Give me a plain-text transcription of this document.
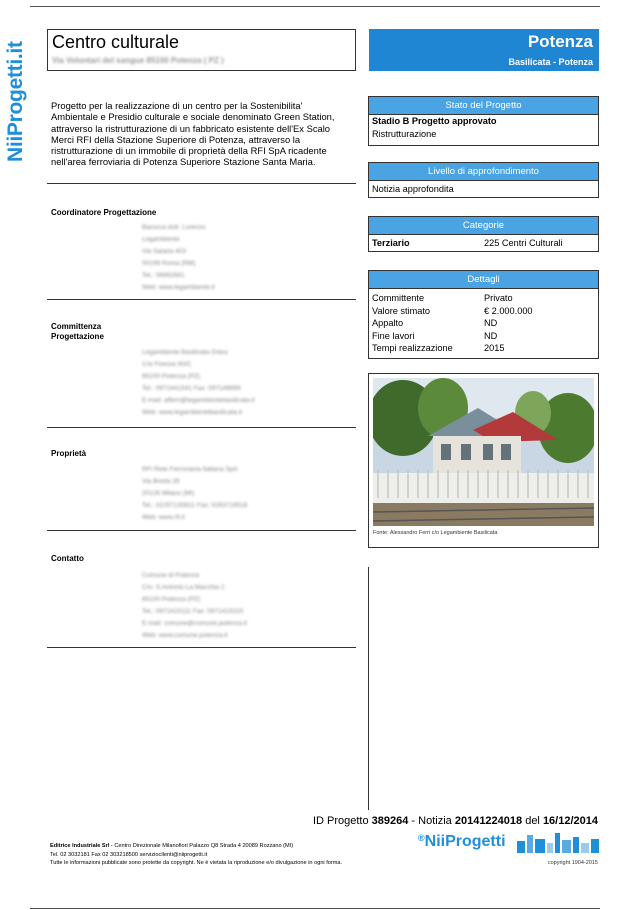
NiiProgetti.it Centro culturale
Via Volontari del sangue 85100 Potenza ( PZ )
Potenza
Basilicata - Potenza
Progetto per la realizzazione di un centro per la Sostenibilita' Ambientale e Presidio culturale e sociale denominato Green Station, attraverso la ristrutturazione di un fabbricato esistente dell'Ex Scalo Merci RFI della Stazione Superiore di Potenza, attraverso la ristrutturazione di un immobile di proprietà della RFI SpA ricadente nell'area ferroviaria di Potenza Superiore Stazione Santa Maria.
Coordinatore Progettazione
Barocca dott. Lorenzo
Legambiente
Via Salaria 403
00199 Roma (RM)
Tel.: 06862681
Web: www.legambiente.it
Committenza Progettazione
Legambiente Basilicata Onlus
V.le Firenze 60/C
85100 Potenza (PZ)
Tel.: 0971441541 Fax: 097148699
E-mail: afferri@legambientebasilicata.it
Web: www.legambientebasilicata.it
Proprietà
RFI Rete Ferroviaria Italiana SpA
Via Breda 28
20126 Milano (MI)
Tel.: 02257130811 Fax: 0263719518
Web: www.rfi.it
Contatto
Comune di Potenza
C/o: S.Antonio La Macchia 2
85100 Potenza (PZ)
Tel.: 0971415111 Fax: 0971415315
E-mail: comune@comune.potenza.it
Web: www.comune.potenza.it
Stato del Progetto
Stadio B Progetto approvato
Ristrutturazione
Livello di approfondimento
Notizia approfondita
Categorie
Terziario	225 Centri Culturali
Dettagli
Committente	Privato
Valore stimato	€ 2.000.000
Appalto	ND
Fine lavori	ND
Tempi realizzazione	2015
Fonte: Alessandro Ferri c/o Legambiente Basilicata
ID Progetto 389264 - Notizia 20141224018 del 16/12/2014
Editrice Industriale Srl - Centro Direzionale Milanofiori Palazzo Q8 Strada 4 20089 Rozzano (MI)
Tel. 02 3032181 Fax 02 303218500 serviziocllenti@niiprogetti.it
Tutte le informazioni pubblicate sono protette da copyright. Ne è vietata la riproduzione e/o divulgazione in ogni forma.
®NiiProgetti
copyright 1904-2015
